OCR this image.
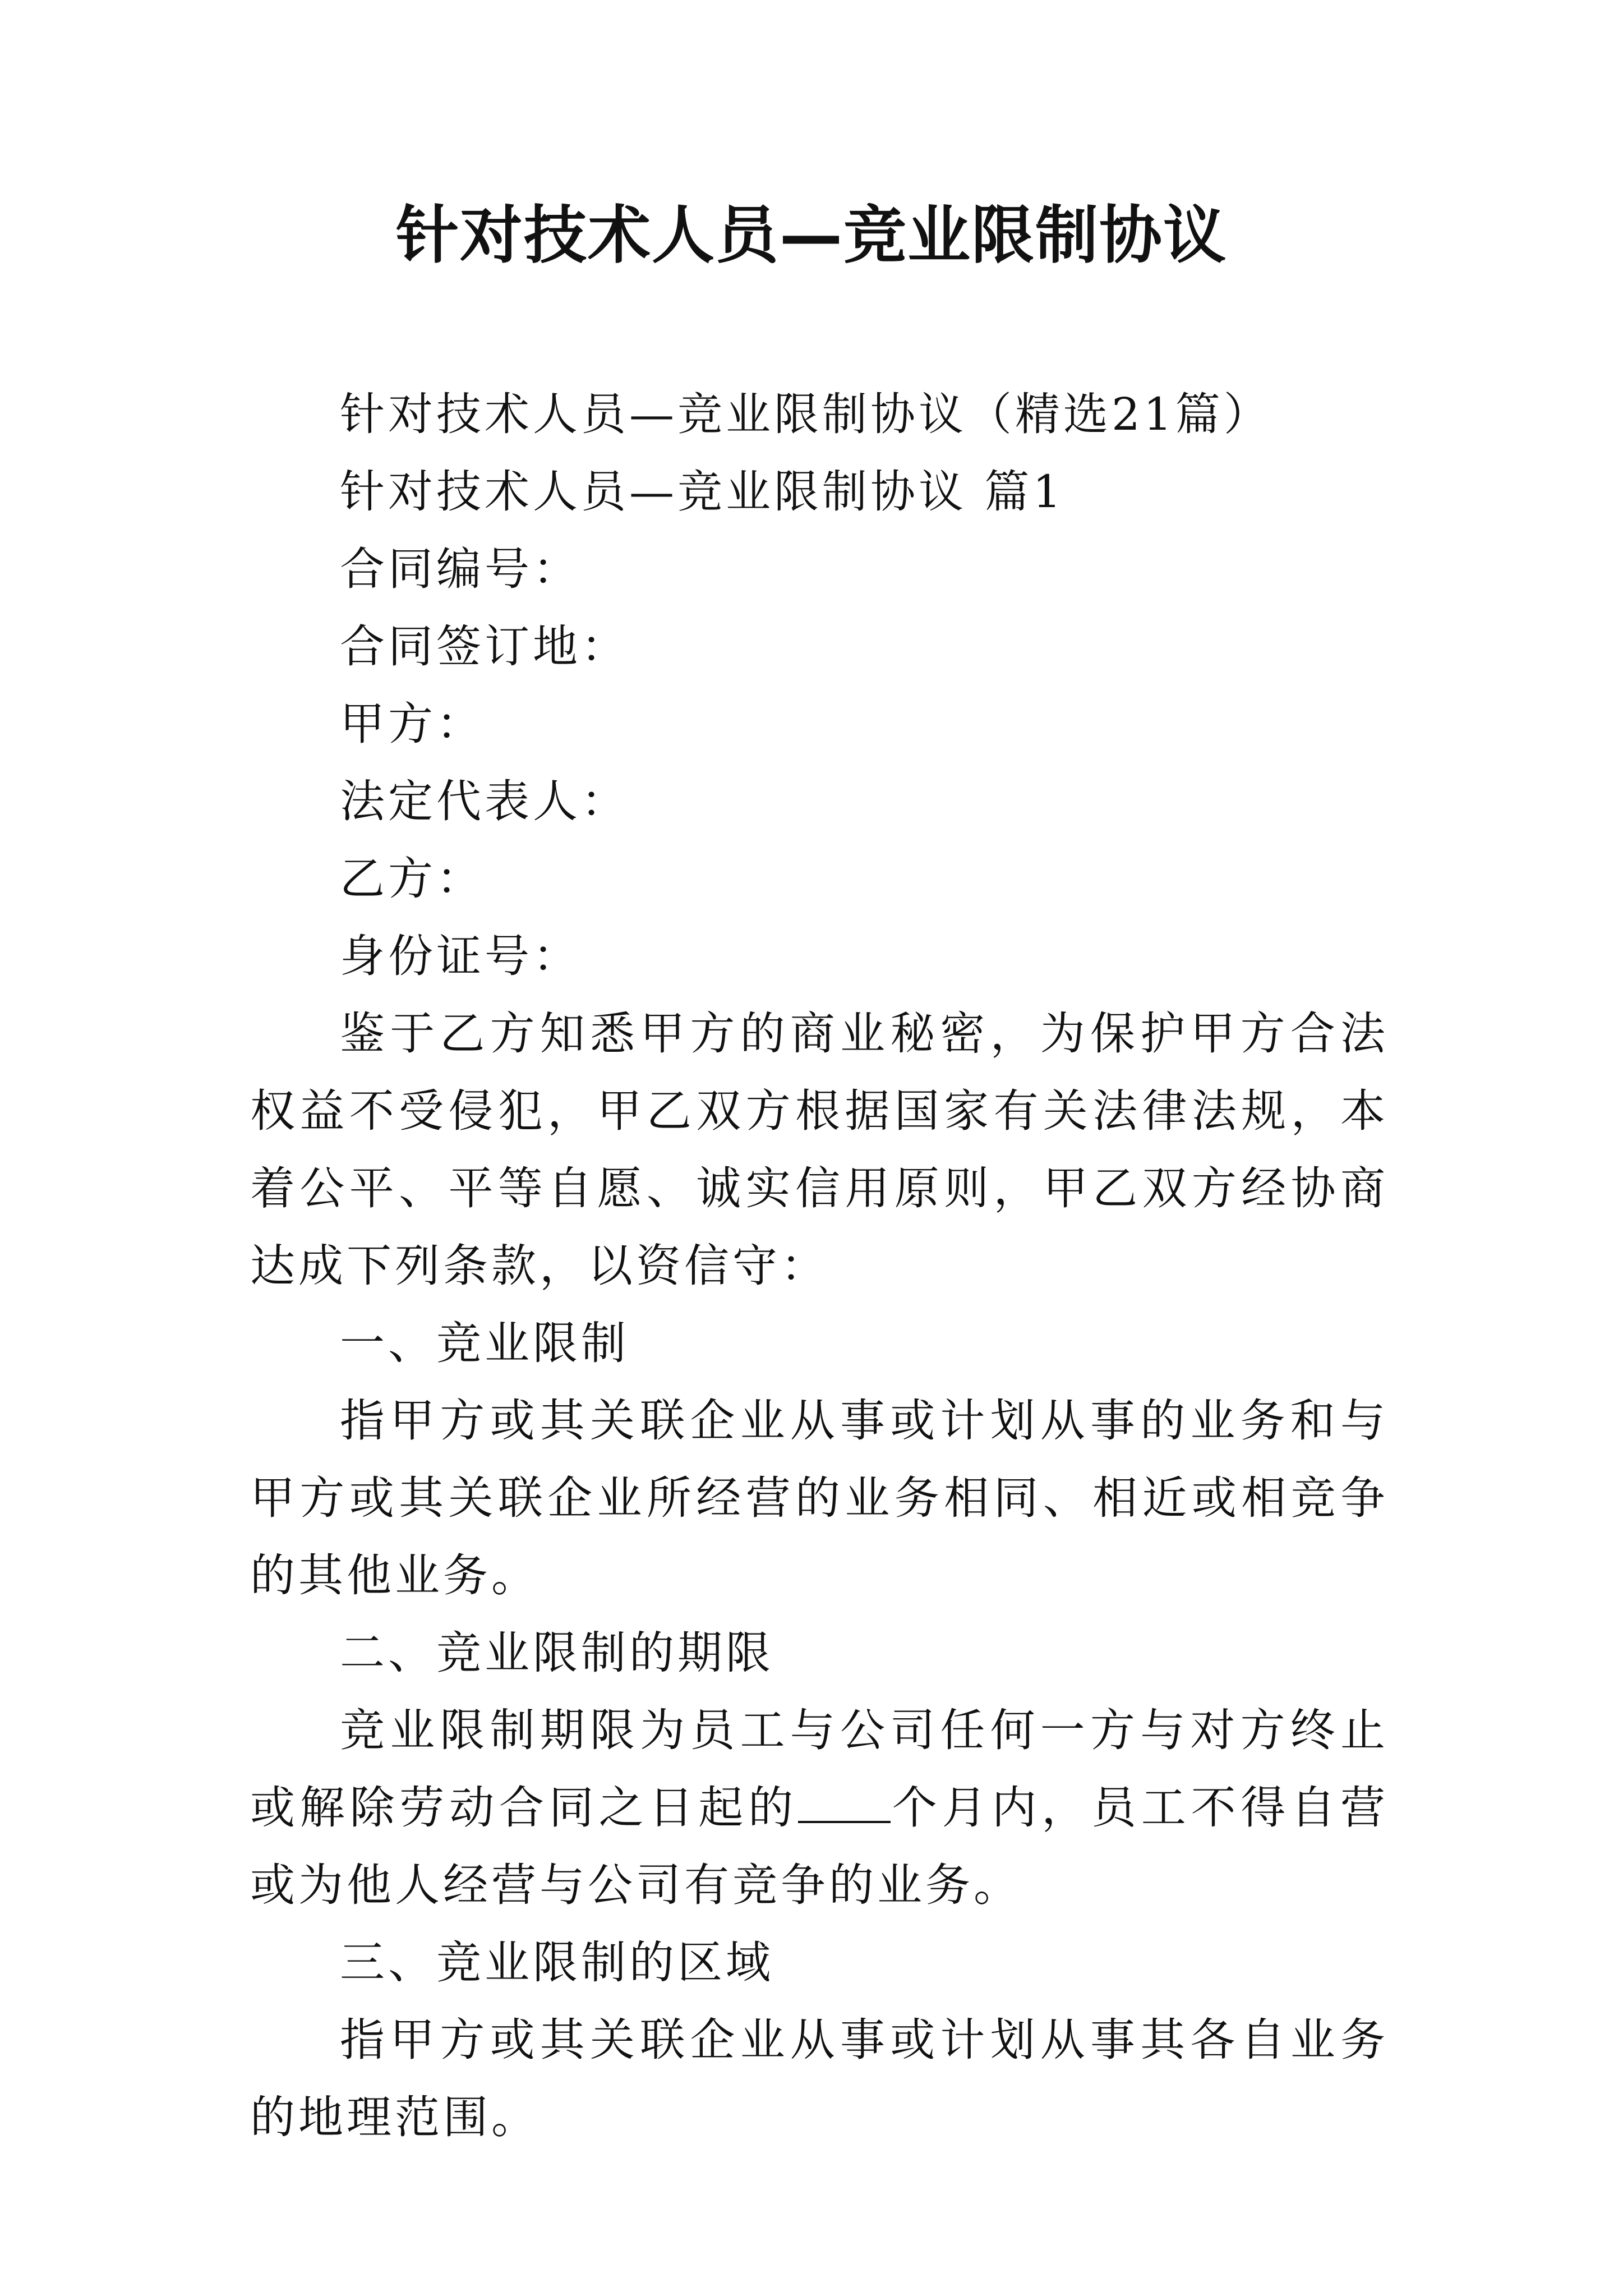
针对技术人员—竞业限制协议

针对技术人员—竞业限制协议（精选21篇）

针对技术人员—竞业限制协议 篇1

合同编号：

合同签订地：

甲方：

法定代表人：

乙方：

身份证号：

鉴于乙方知悉甲方的商业秘密，为保护甲方合法权益不受侵犯，甲乙双方根据国家有关法律法规，本着公平、平等自愿、诚实信用原则，甲乙双方经协商达成下列条款，以资信守：

一、竞业限制

指甲方或其关联企业从事或计划从事的业务和与甲方或其关联企业所经营的业务相同、相近或相竞争的其他业务。

二、竞业限制的期限

竞业限制期限为员工与公司任何一方与对方终止或解除劳动合同之日起的 个月内，员工不得自营或为他人经营与公司有竞争的业务。

三、竞业限制的区域

指甲方或其关联企业从事或计划从事其各自业务的地理范围。
